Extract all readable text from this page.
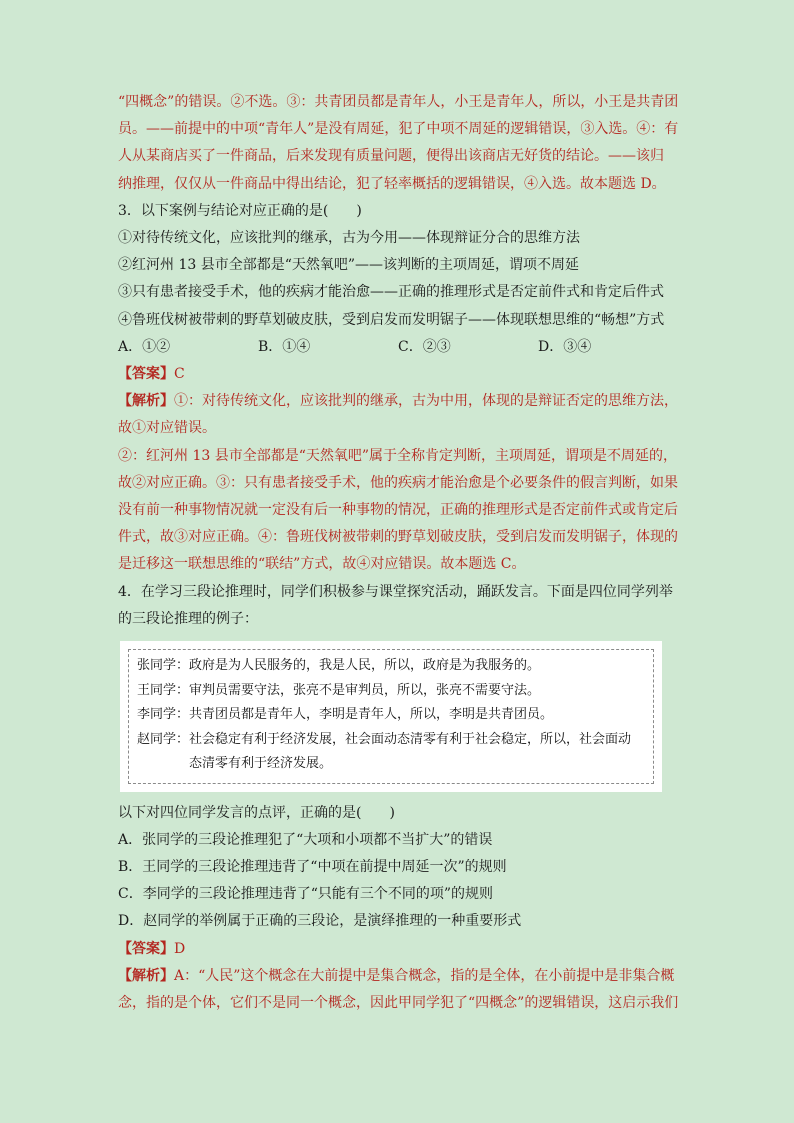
“四概念”的错误。②不选。③：共青团员都是青年人，小王是青年人，所以，小王是共青团
员。——前提中的中项“青年人”是没有周延，犯了中项不周延的逻辑错误，③入选。④：有
人从某商店买了一件商品，后来发现有质量问题，便得出该商店无好货的结论。——该归
纳推理，仅仅从一件商品中得出结论，犯了轻率概括的逻辑错误，④入选。故本题选 D。
3．以下案例与结论对应正确的是(　　)
①对待传统文化，应该批判的继承，古为今用——体现辩证分合的思维方法
②红河州 13 县市全部都是“天然氧吧”——该判断的主项周延，谓项不周延
③只有患者接受手术，他的疾病才能治愈——正确的推理形式是否定前件式和肯定后件式
④鲁班伐树被带刺的野草划破皮肤，受到启发而发明锯子——体现联想思维的“畅想”方式
A．①②	B．①④	C．②③	D．③④
【答案】C
【解析】①：对待传统文化，应该批判的继承，古为中用，体现的是辩证否定的思维方法，
故①对应错误。
②：红河州 13 县市全部都是“天然氧吧”属于全称肯定判断，主项周延，谓项是不周延的，
故②对应正确。③：只有患者接受手术，他的疾病才能治愈是个必要条件的假言判断，如果
没有前一种事物情况就一定没有后一种事物的情况，正确的推理形式是否定前件式或肯定后
件式，故③对应正确。④：鲁班伐树被带刺的野草划破皮肤，受到启发而发明锯子，体现的
是迁移这一联想思维的“联结”方式，故④对应错误。故本题选 C。
4．在学习三段论推理时，同学们积极参与课堂探究活动，踊跃发言。下面是四位同学列举
的三段论推理的例子：
张同学：政府是为人民服务的，我是人民，所以，政府是为我服务的。
王同学：审判员需要守法，张亮不是审判员，所以，张亮不需要守法。
李同学：共青团员都是青年人，李明是青年人，所以，李明是共青团员。
赵同学：社会稳定有利于经济发展，社会面动态清零有利于社会稳定，所以，社会面动
态清零有利于经济发展。
以下对四位同学发言的点评，正确的是(　　)
A．张同学的三段论推理犯了“大项和小项都不当扩大”的错误
B．王同学的三段论推理违背了“中项在前提中周延一次”的规则
C．李同学的三段论推理违背了“只能有三个不同的项”的规则
D．赵同学的举例属于正确的三段论，是演绎推理的一种重要形式
【答案】D
【解析】A：“人民”这个概念在大前提中是集合概念，指的是全体，在小前提中是非集合概
念，指的是个体，它们不是同一个概念，因此甲同学犯了“四概念”的逻辑错误，这启示我们
